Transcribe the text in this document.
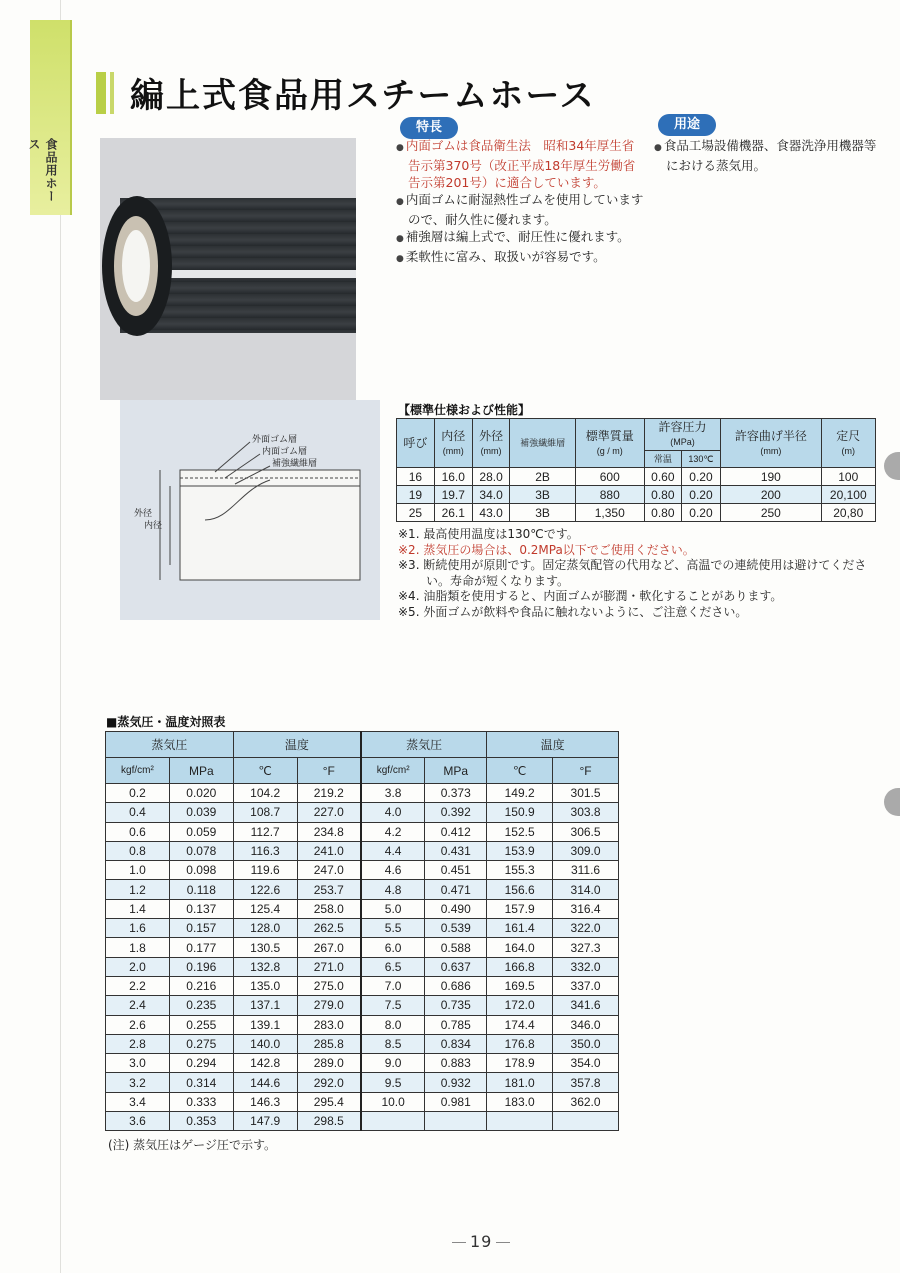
食品用ホース
編上式食品用スチームホース
外面ゴム層
内面ゴム層
補強繊維層
外径
内径
特長
● 内面ゴムは食品衛生法　昭和34年厚生省告示第370号（改正平成18年厚生労働省告示第201号）に適合しています。
● 内面ゴムに耐湿熱性ゴムを使用していますので、耐久性に優れます。
● 補強層は編上式で、耐圧性に優れます。
● 柔軟性に富み、取扱いが容易です。
用途
● 食品工場設備機器、食器洗浄用機器等における蒸気用。
【標準仕様および性能】
呼び	内径
(mm)	外径
(mm)	補強繊維層	標準質量
(g / m)	許容圧力
(MPa)		許容曲げ半径
(mm)	定尺
(m)
					常温	130℃		
16	16.0	28.0	2B	600	0.60	0.20	190	100
19	19.7	34.0	3B	880	0.80	0.20	200	20,100
25	26.1	43.0	3B	1,350	0.80	0.20	250	20,80
※1. 最高使用温度は130℃です。
※2. 蒸気圧の場合は、0.2MPa以下でご使用ください。
※3. 断続使用が原則です。固定蒸気配管の代用など、高温での連続使用は避けてください。寿命が短くなります。
※4. 油脂類を使用すると、内面ゴムが膨潤・軟化することがあります。
※5. 外面ゴムが飲料や食品に触れないように、ご注意ください。
■蒸気圧・温度対照表
蒸気圧		温度		蒸気圧		温度	
kgf/cm²	MPa	℃	°F	kgf/cm²	MPa	℃	°F
0.2	0.020	104.2	219.2	3.8	0.373	149.2	301.5
0.4	0.039	108.7	227.0	4.0	0.392	150.9	303.8
0.6	0.059	112.7	234.8	4.2	0.412	152.5	306.5
0.8	0.078	116.3	241.0	4.4	0.431	153.9	309.0
1.0	0.098	119.6	247.0	4.6	0.451	155.3	311.6
1.2	0.118	122.6	253.7	4.8	0.471	156.6	314.0
1.4	0.137	125.4	258.0	5.0	0.490	157.9	316.4
1.6	0.157	128.0	262.5	5.5	0.539	161.4	322.0
1.8	0.177	130.5	267.0	6.0	0.588	164.0	327.3
2.0	0.196	132.8	271.0	6.5	0.637	166.8	332.0
2.2	0.216	135.0	275.0	7.0	0.686	169.5	337.0
2.4	0.235	137.1	279.0	7.5	0.735	172.0	341.6
2.6	0.255	139.1	283.0	8.0	0.785	174.4	346.0
2.8	0.275	140.0	285.8	8.5	0.834	176.8	350.0
3.0	0.294	142.8	289.0	9.0	0.883	178.9	354.0
3.2	0.314	144.6	292.0	9.5	0.932	181.0	357.8
3.4	0.333	146.3	295.4	10.0	0.981	183.0	362.0
3.6	0.353	147.9	298.5				
(注) 蒸気圧はゲージ圧で示す。
19
